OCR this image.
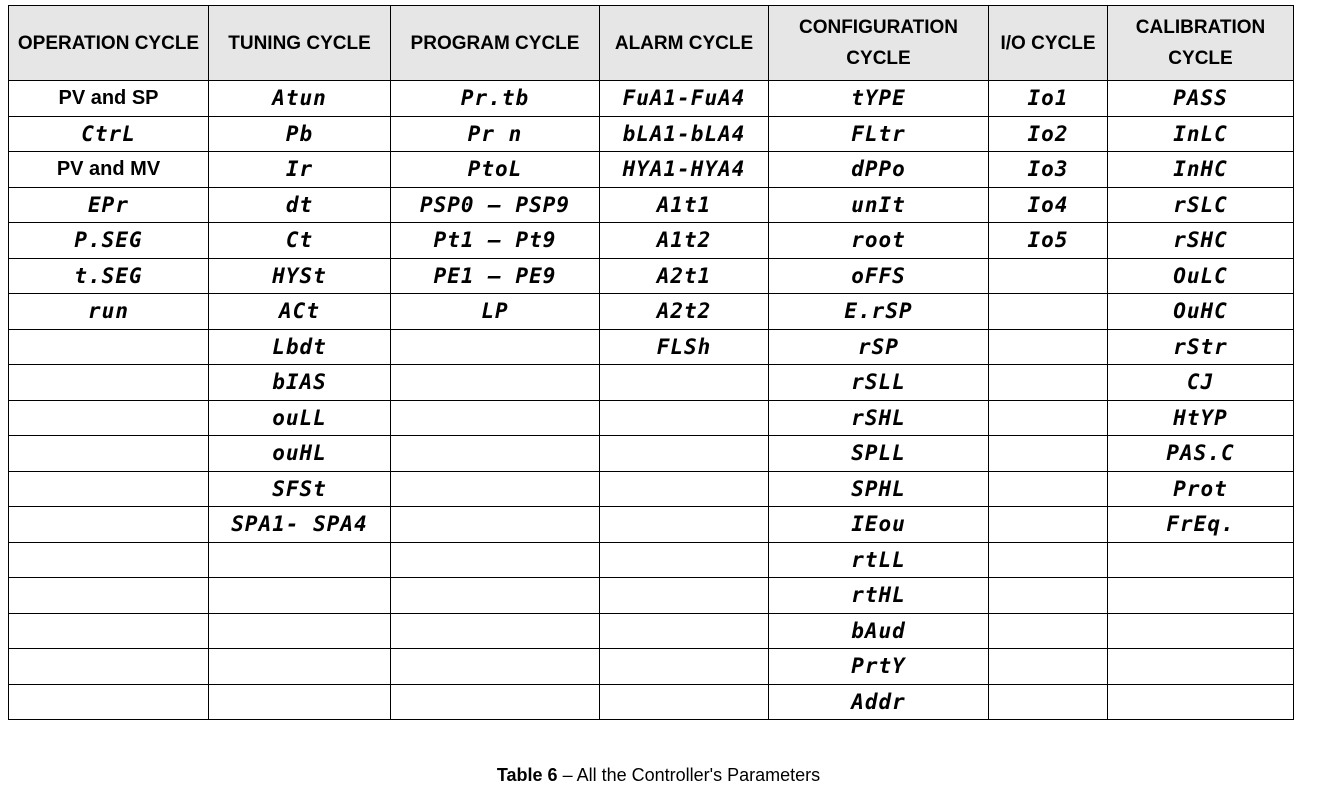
OPERATION CYCLE	TUNING CYCLE	PROGRAM CYCLE	ALARM CYCLE	CONFIGURATION CYCLE	I/O CYCLE	CALIBRATION CYCLE
PV and SP	Atun	Pr.tb	FuA1-FuA4	tYPE	Io1	PASS
CtrL	Pb	Pr n	bLA1-bLA4	FLtr	Io2	InLC
PV and MV	Ir	PtoL	HYA1-HYA4	dPPo	Io3	InHC
EPr	dt	PSP0 – PSP9	A1t1	unIt	Io4	rSLC
P.SEG	Ct	Pt1 – Pt9	A1t2	root	Io5	rSHC
t.SEG	HYSt	PE1 – PE9	A2t1	oFFS		OuLC
run	ACt	LP	A2t2	E.rSP		OuHC
	Lbdt		FLSh	rSP		rStr
	bIAS			rSLL		CJ
	ouLL			rSHL		HtYP
	ouHL			SPLL		PAS.C
	SFSt			SPHL		Prot
	SPA1- SPA4			IEou		FrEq.
				rtLL		
				rtHL		
				bAud		
				PrtY		
				Addr		
Table 6 – All the Controller's Parameters
